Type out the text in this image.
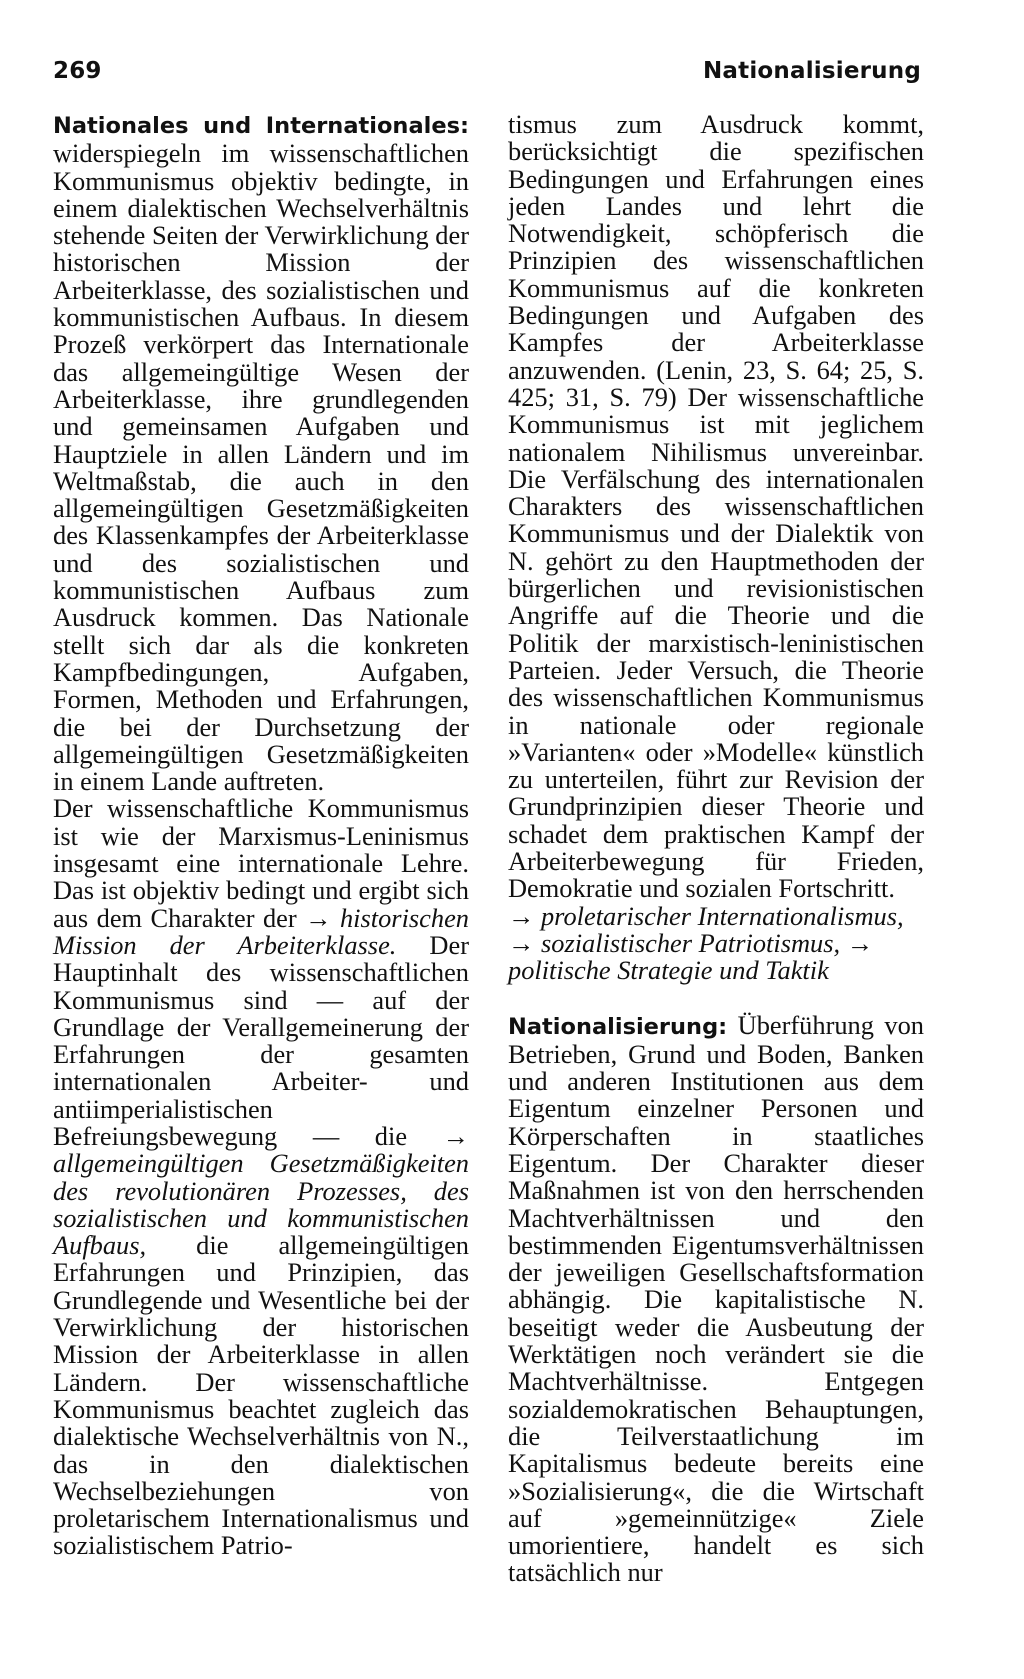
269	Nationalisierung

Nationales und Internationales: widerspiegeln im wissenschaftlichen Kommunismus objektiv bedingte, in einem dialektischen Wechselverhältnis stehende Seiten der Verwirklichung der historischen Mission der Arbeiterklasse, des sozialistischen und kommunistischen Aufbaus. In diesem Prozeß verkörpert das Internationale das allgemeingültige Wesen der Arbeiterklasse, ihre grundlegenden und gemeinsamen Aufgaben und Hauptziele in allen Ländern und im Weltmaßstab, die auch in den allgemeingültigen Gesetzmäßigkeiten des Klassenkampfes der Arbeiterklasse und des sozialistischen und kommunistischen Aufbaus zum Ausdruck kommen. Das Nationale stellt sich dar als die konkreten Kampfbedingungen, Aufgaben, Formen, Methoden und Erfahrungen, die bei der Durchsetzung der allgemeingültigen Gesetzmäßigkeiten in einem Lande auftreten.

Der wissenschaftliche Kommunismus ist wie der Marxismus-Leninismus insgesamt eine internationale Lehre. Das ist objektiv bedingt und ergibt sich aus dem Charakter der → historischen Mission der Arbeiterklasse. Der Hauptinhalt des wissenschaftlichen Kommunismus sind — auf der Grundlage der Verallgemeinerung der Erfahrungen der gesamten internationalen Arbeiter- und antiimperialistischen Befreiungsbewegung — die → allgemeingültigen Gesetzmäßigkeiten des revolutionären Prozesses, des sozialistischen und kommunistischen Aufbaus, die allgemeingültigen Erfahrungen und Prinzipien, das Grundlegende und Wesentliche bei der Verwirklichung der historischen Mission der Arbeiterklasse in allen Ländern. Der wissenschaftliche Kommunismus beachtet zugleich das dialektische Wechselverhältnis von N., das in den dialektischen Wechselbeziehungen von proletarischem Internationalismus und sozialistischem Patrio-

tismus zum Ausdruck kommt, berücksichtigt die spezifischen Bedingungen und Erfahrungen eines jeden Landes und lehrt die Notwendigkeit, schöpferisch die Prinzipien des wissenschaftlichen Kommunismus auf die konkreten Bedingungen und Aufgaben des Kampfes der Arbeiterklasse anzuwenden. (Lenin, 23, S. 64; 25, S. 425; 31, S. 79) Der wissenschaftliche Kommunismus ist mit jeglichem nationalem Nihilismus unvereinbar. Die Verfälschung des internationalen Charakters des wissenschaftlichen Kommunismus und der Dialektik von N. gehört zu den Hauptmethoden der bürgerlichen und revisionistischen Angriffe auf die Theorie und die Politik der marxistisch-leninistischen Parteien. Jeder Versuch, die Theorie des wissenschaftlichen Kommunismus in nationale oder regionale »Varianten« oder »Modelle« künstlich zu unterteilen, führt zur Revision der Grundprinzipien dieser Theorie und schadet dem praktischen Kampf der Arbeiterbewegung für Frieden, Demokratie und sozialen Fortschritt.

→ proletarischer Internationalismus, → sozialistischer Patriotismus, → politische Strategie und Taktik

Nationalisierung: Überführung von Betrieben, Grund und Boden, Banken und anderen Institutionen aus dem Eigentum einzelner Personen und Körperschaften in staatliches Eigentum. Der Charakter dieser Maßnahmen ist von den herrschenden Machtverhältnissen und den bestimmenden Eigentumsverhältnissen der jeweiligen Gesellschaftsformation abhängig. Die kapitalistische N. beseitigt weder die Ausbeutung der Werktätigen noch verändert sie die Machtverhältnisse. Entgegen sozialdemokratischen Behauptungen, die Teilverstaatlichung im Kapitalismus bedeute bereits eine »Sozialisierung«, die die Wirtschaft auf »gemeinnützige« Ziele umorientiere, handelt es sich tatsächlich nur
